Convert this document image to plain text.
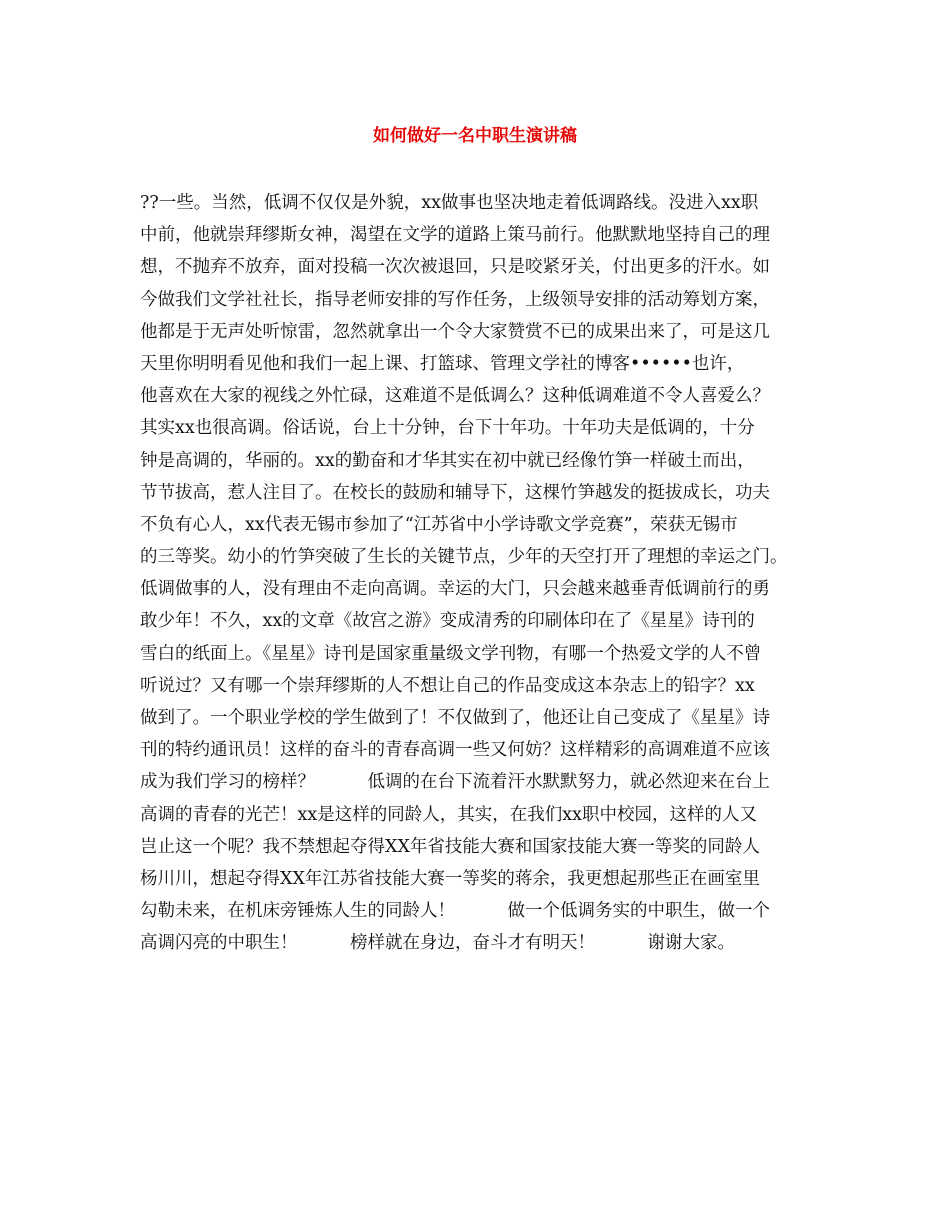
如何做好一名中职生演讲稿
??一些。当然，低调不仅仅是外貌，xx做事也坚决地走着低调路线。没进入xx职
中前，他就崇拜缪斯女神，渴望在文学的道路上策马前行。他默默地坚持自己的理
想，不抛弃不放弃，面对投稿一次次被退回，只是咬紧牙关，付出更多的汗水。如
今做我们文学社社长，指导老师安排的写作任务，上级领导安排的活动筹划方案，
他都是于无声处听惊雷，忽然就拿出一个令大家赞赏不已的成果出来了，可是这几
天里你明明看见他和我们一起上课、打篮球、管理文学社的博客••••••也许，
他喜欢在大家的视线之外忙碌，这难道不是低调么？这种低调难道不令人喜爱么？
其实xx也很高调。俗话说，台上十分钟，台下十年功。十年功夫是低调的，十分
钟是高调的，华丽的。xx的勤奋和才华其实在初中就已经像竹笋一样破土而出，
节节拔高，惹人注目了。在校长的鼓励和辅导下，这棵竹笋越发的挺拔成长，功夫
不负有心人，xx代表无锡市参加了“江苏省中小学诗歌文学竞赛”，荣获无锡市
的三等奖。幼小的竹笋突破了生长的关键节点，少年的天空打开了理想的幸运之门。
低调做事的人，没有理由不走向高调。幸运的大门，只会越来越垂青低调前行的勇
敢少年！不久，xx的文章《故宫之游》变成清秀的印刷体印在了《星星》诗刊的
雪白的纸面上。《星星》诗刊是国家重量级文学刊物，有哪一个热爱文学的人不曾
听说过？又有哪一个崇拜缪斯的人不想让自己的作品变成这本杂志上的铅字？xx
做到了。一个职业学校的学生做到了！不仅做到了，他还让自己变成了《星星》诗
刊的特约通讯员！这样的奋斗的青春高调一些又何妨？这样精彩的高调难道不应该
成为我们学习的榜样？　　　低调的在台下流着汗水默默努力，就必然迎来在台上
高调的青春的光芒！xx是这样的同龄人，其实，在我们xx职中校园，这样的人又
岂止这一个呢？我不禁想起夺得XX年省技能大赛和国家技能大赛一等奖的同龄人
杨川川，想起夺得XX年江苏省技能大赛一等奖的蒋余，我更想起那些正在画室里
勾勒未来，在机床旁锤炼人生的同龄人！　　　做一个低调务实的中职生，做一个
高调闪亮的中职生！　　　榜样就在身边，奋斗才有明天！　　　谢谢大家。
